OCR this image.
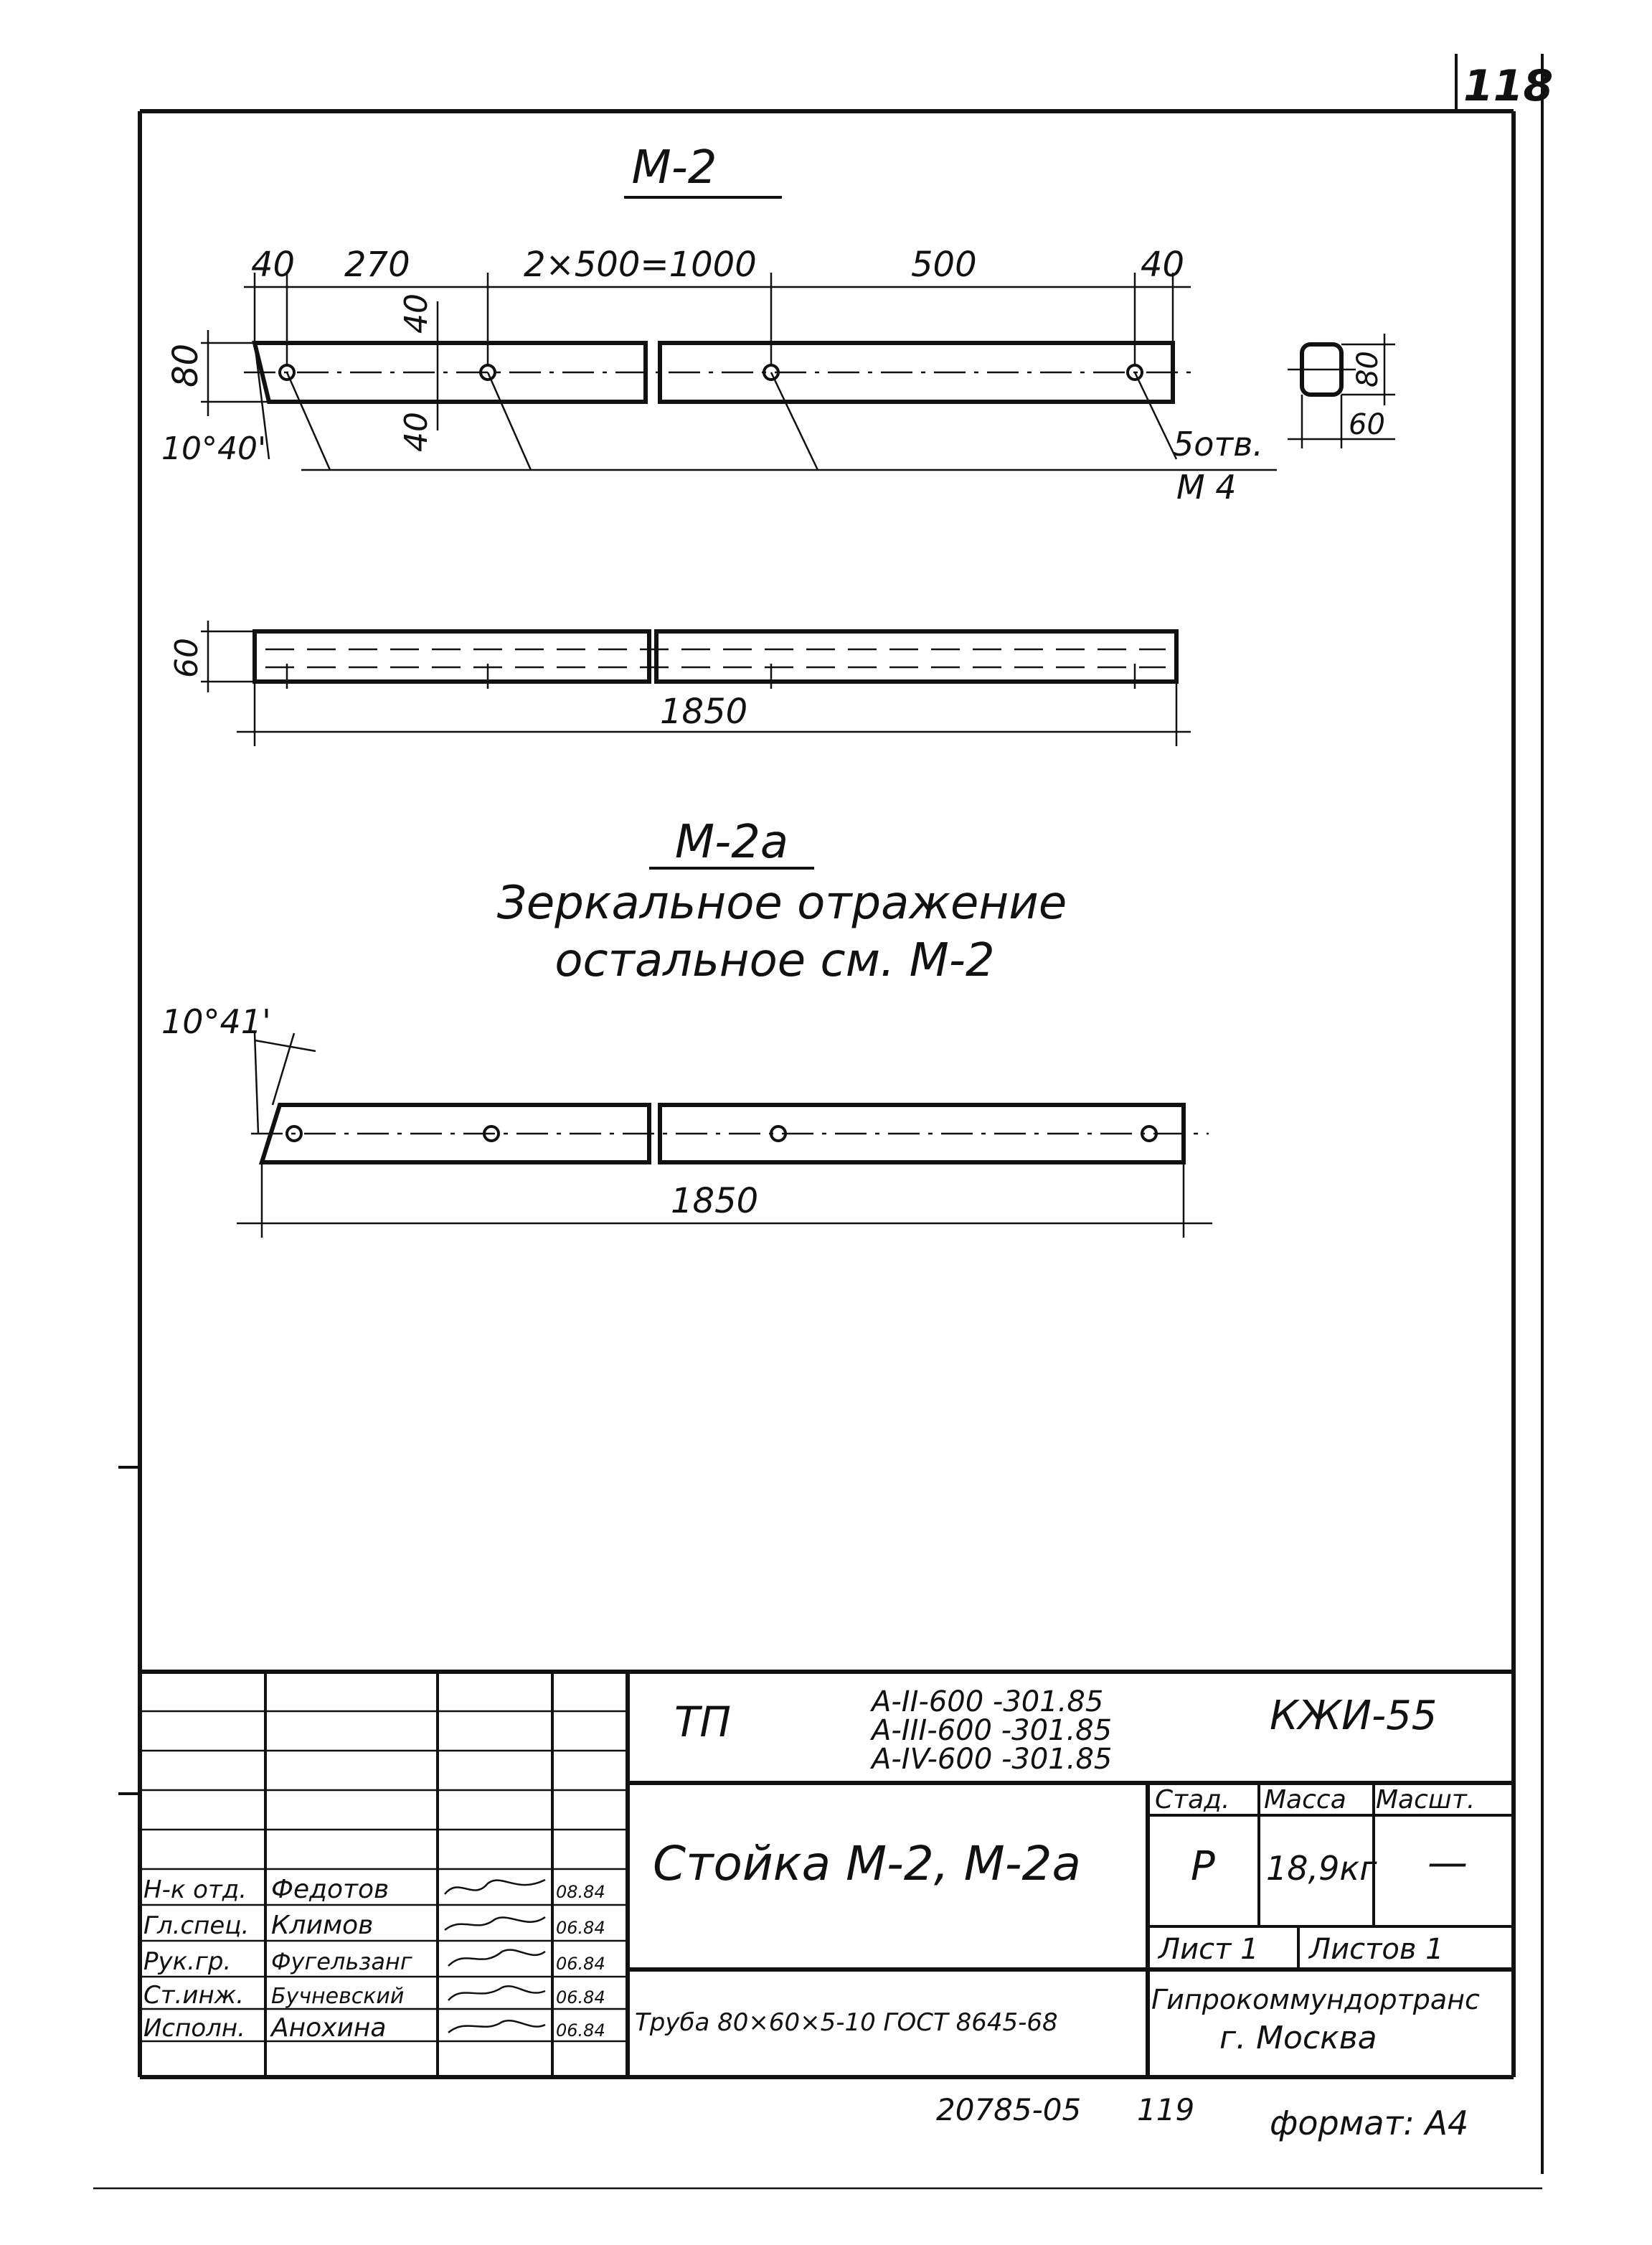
118
М-2
40 270	2×500=1000	500	40
80
40
40
10°40'	5отв.
М 4
80
60
60
1850
М-2а
Зеркальное отражение
остальное см. М-2
10°41'
1850
ТП	А-II-600 -301.85
А-III-600 -301.85
А-IV-600 -301.85
КЖИ-55
Стойка М-2, М-2а
Стад. Масса Масшт.
Р 18,9кг —
Лист 1 Листов 1
Труба 80×60×5-10 ГОСТ 8645-68
Гипрокоммундортранс
г. Москва
Н-к отд. Федотов	08.84
Гл.спец. Климов	06.84
Рук.гр. Фугельзанг	06.84
Ст.инж. Бучневский	06.84
Исполн. Анохина	06.84
20785-05 119 формат: А4
